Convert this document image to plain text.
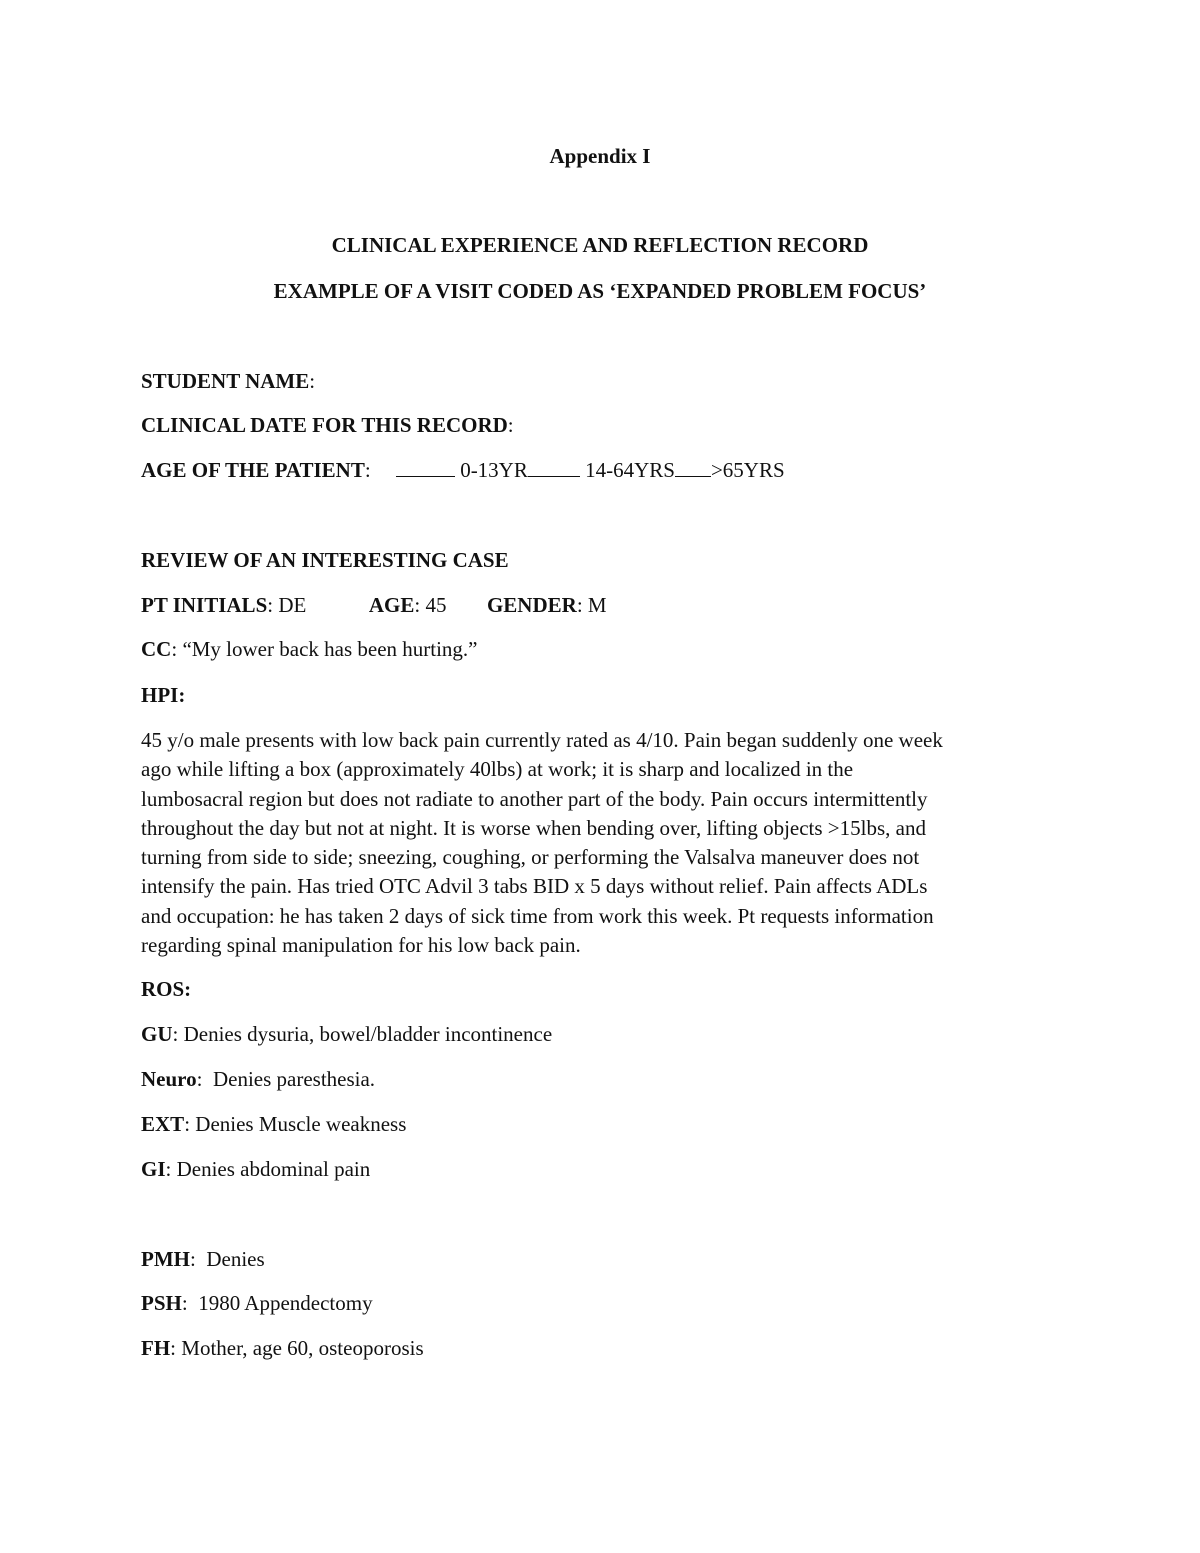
Appendix I
CLINICAL EXPERIENCE AND REFLECTION RECORD
EXAMPLE OF A VISIT CODED AS ‘EXPANDED PROBLEM FOCUS’
STUDENT NAME:
CLINICAL DATE FOR THIS RECORD:
AGE OF THE PATIENT:	0-13YR	14-64YRS >65YRS
REVIEW OF AN INTERESTING CASE
PT INITIALS: DE	AGE: 45 GENDER: M
CC: “My lower back has been hurting.”
HPI:
45 y/o male presents with low back pain currently rated as 4/10. Pain began suddenly one week
ago while lifting a box (approximately 40lbs) at work; it is sharp and localized in the
lumbosacral region but does not radiate to another part of the body. Pain occurs intermittently
throughout the day but not at night. It is worse when bending over, lifting objects >15lbs, and
turning from side to side; sneezing, coughing, or performing the Valsalva maneuver does not
intensify the pain. Has tried OTC Advil 3 tabs BID x 5 days without relief. Pain affects ADLs
and occupation: he has taken 2 days of sick time from work this week. Pt requests information
regarding spinal manipulation for his low back pain.
ROS:
GU: Denies dysuria, bowel/bladder incontinence
Neuro:  Denies paresthesia.
EXT: Denies Muscle weakness
GI: Denies abdominal pain
PMH:  Denies
PSH:  1980 Appendectomy
FH: Mother, age 60, osteoporosis
